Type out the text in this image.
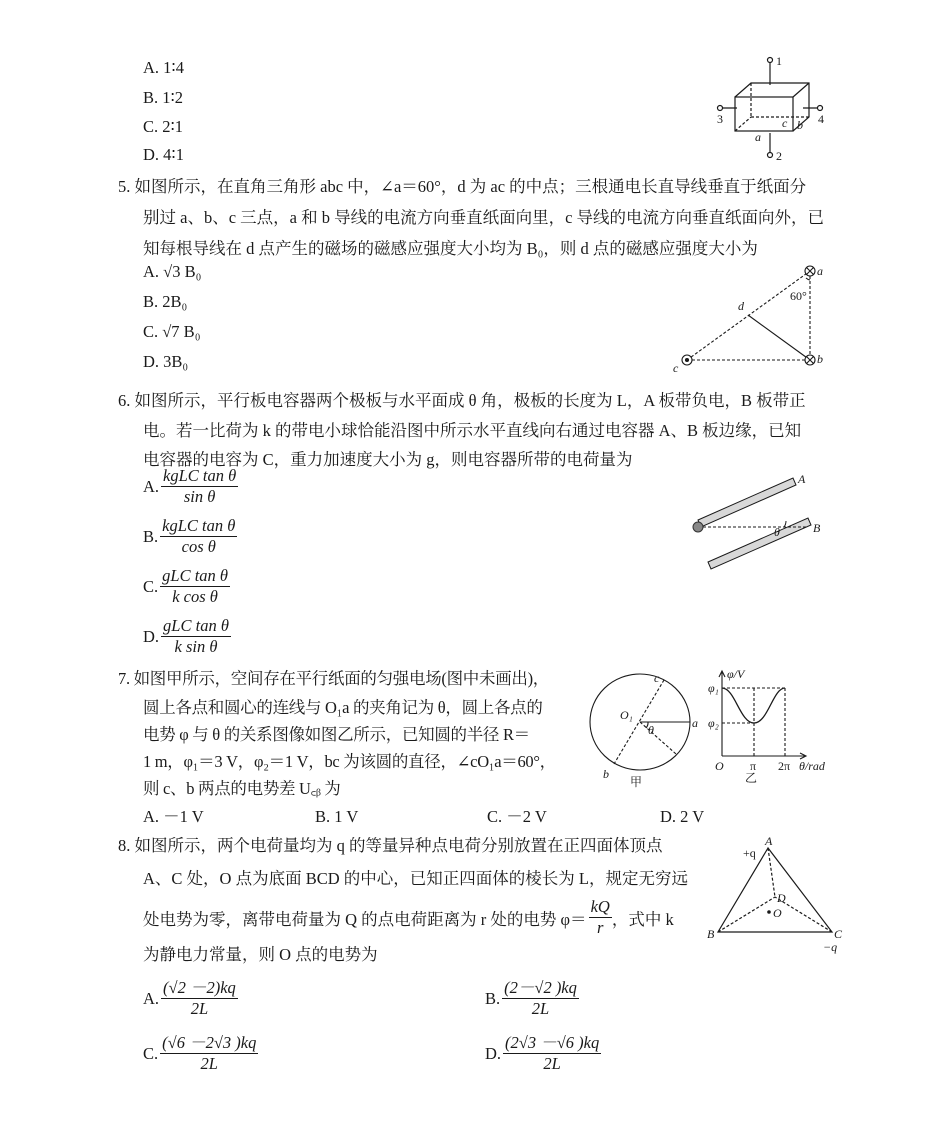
A. 1∶4
B. 1∶2
C. 2∶1
D. 4∶1
1
2
3	4
a
b
c
5. 如图所示，在直角三角形 abc 中，∠a＝60°，d 为 ac 的中点；三根通电长直导线垂直于纸面分
别过 a、b、c 三点，a 和 b 导线的电流方向垂直纸面向里，c 导线的电流方向垂直纸面向外，已
知每根导线在 d 点产生的磁场的磁感应强度大小均为 B₀，则 d 点的磁感应强度大小为
A. √3 B₀
B. 2B₀
C. √7 B₀
D. 3B₀
a
b
c
d
60°
6. 如图所示，平行板电容器两个极板与水平面成 θ 角，极板的长度为 L，A 板带负电，B 板带正
电。若一比荷为 k 的带电小球恰能沿图中所示水平直线向右通过电容器 A、B 板边缘，已知
电容器的电容为 C，重力加速度大小为 g，则电容器所带的电荷量为
A. $\frac{\text{kgLC tan θ}}{\text{sin θ}}$
B. $\frac{\text{kgLC tan θ}}{\text{cos θ}}$
C. $\frac{\text{gLC tan θ}}{\text{k cos θ}}$
D. $\frac{\text{gLC tan θ}}{\text{k sin θ}}$
A
B
θ
7. 如图甲所示，空间存在平行纸面的匀强电场(图中未画出)，
圆上各点和圆心的连线与 O₁a 的夹角记为 θ，圆上各点的
电势 φ 与 θ 的关系图像如图乙所示，已知圆的半径 R＝
1 m，φ₁＝3 V，φ₂＝1 V，bc 为该圆的直径，∠cO₁a＝60°，
则 c、b 两点的电势差 U꜀ᵦ 为
A. －1 V	B. 1 V	C. －2 V	D. 2 V
c
O₁
θ	a
b
甲
φ/V
φ₁
φ₂
O π 2π θ/rad
乙
8. 如图所示，两个电荷量均为 q 的等量异种点电荷分别放置在正四面体顶点
A、C 处，O 点为底面 BCD 的中心，已知正四面体的棱长为 L，规定无穷远
处电势为零，离带电荷量为 Q 的点电荷距离为 r 处的电势 $\varphi= \frac{kQ}{r}$ ，式中 k
为静电力常量，则 O 点的电势为
A. $\frac{(√2 -2)kq}{2L}$	B. $\frac{(2-√2 )kq}{2L}$
C. $\frac{(√6 -2√3 )kq}{2L}$	D. $\frac{(2√3 -√6 )kq}{2L}$
A
+q
D
O
B	C
−q
